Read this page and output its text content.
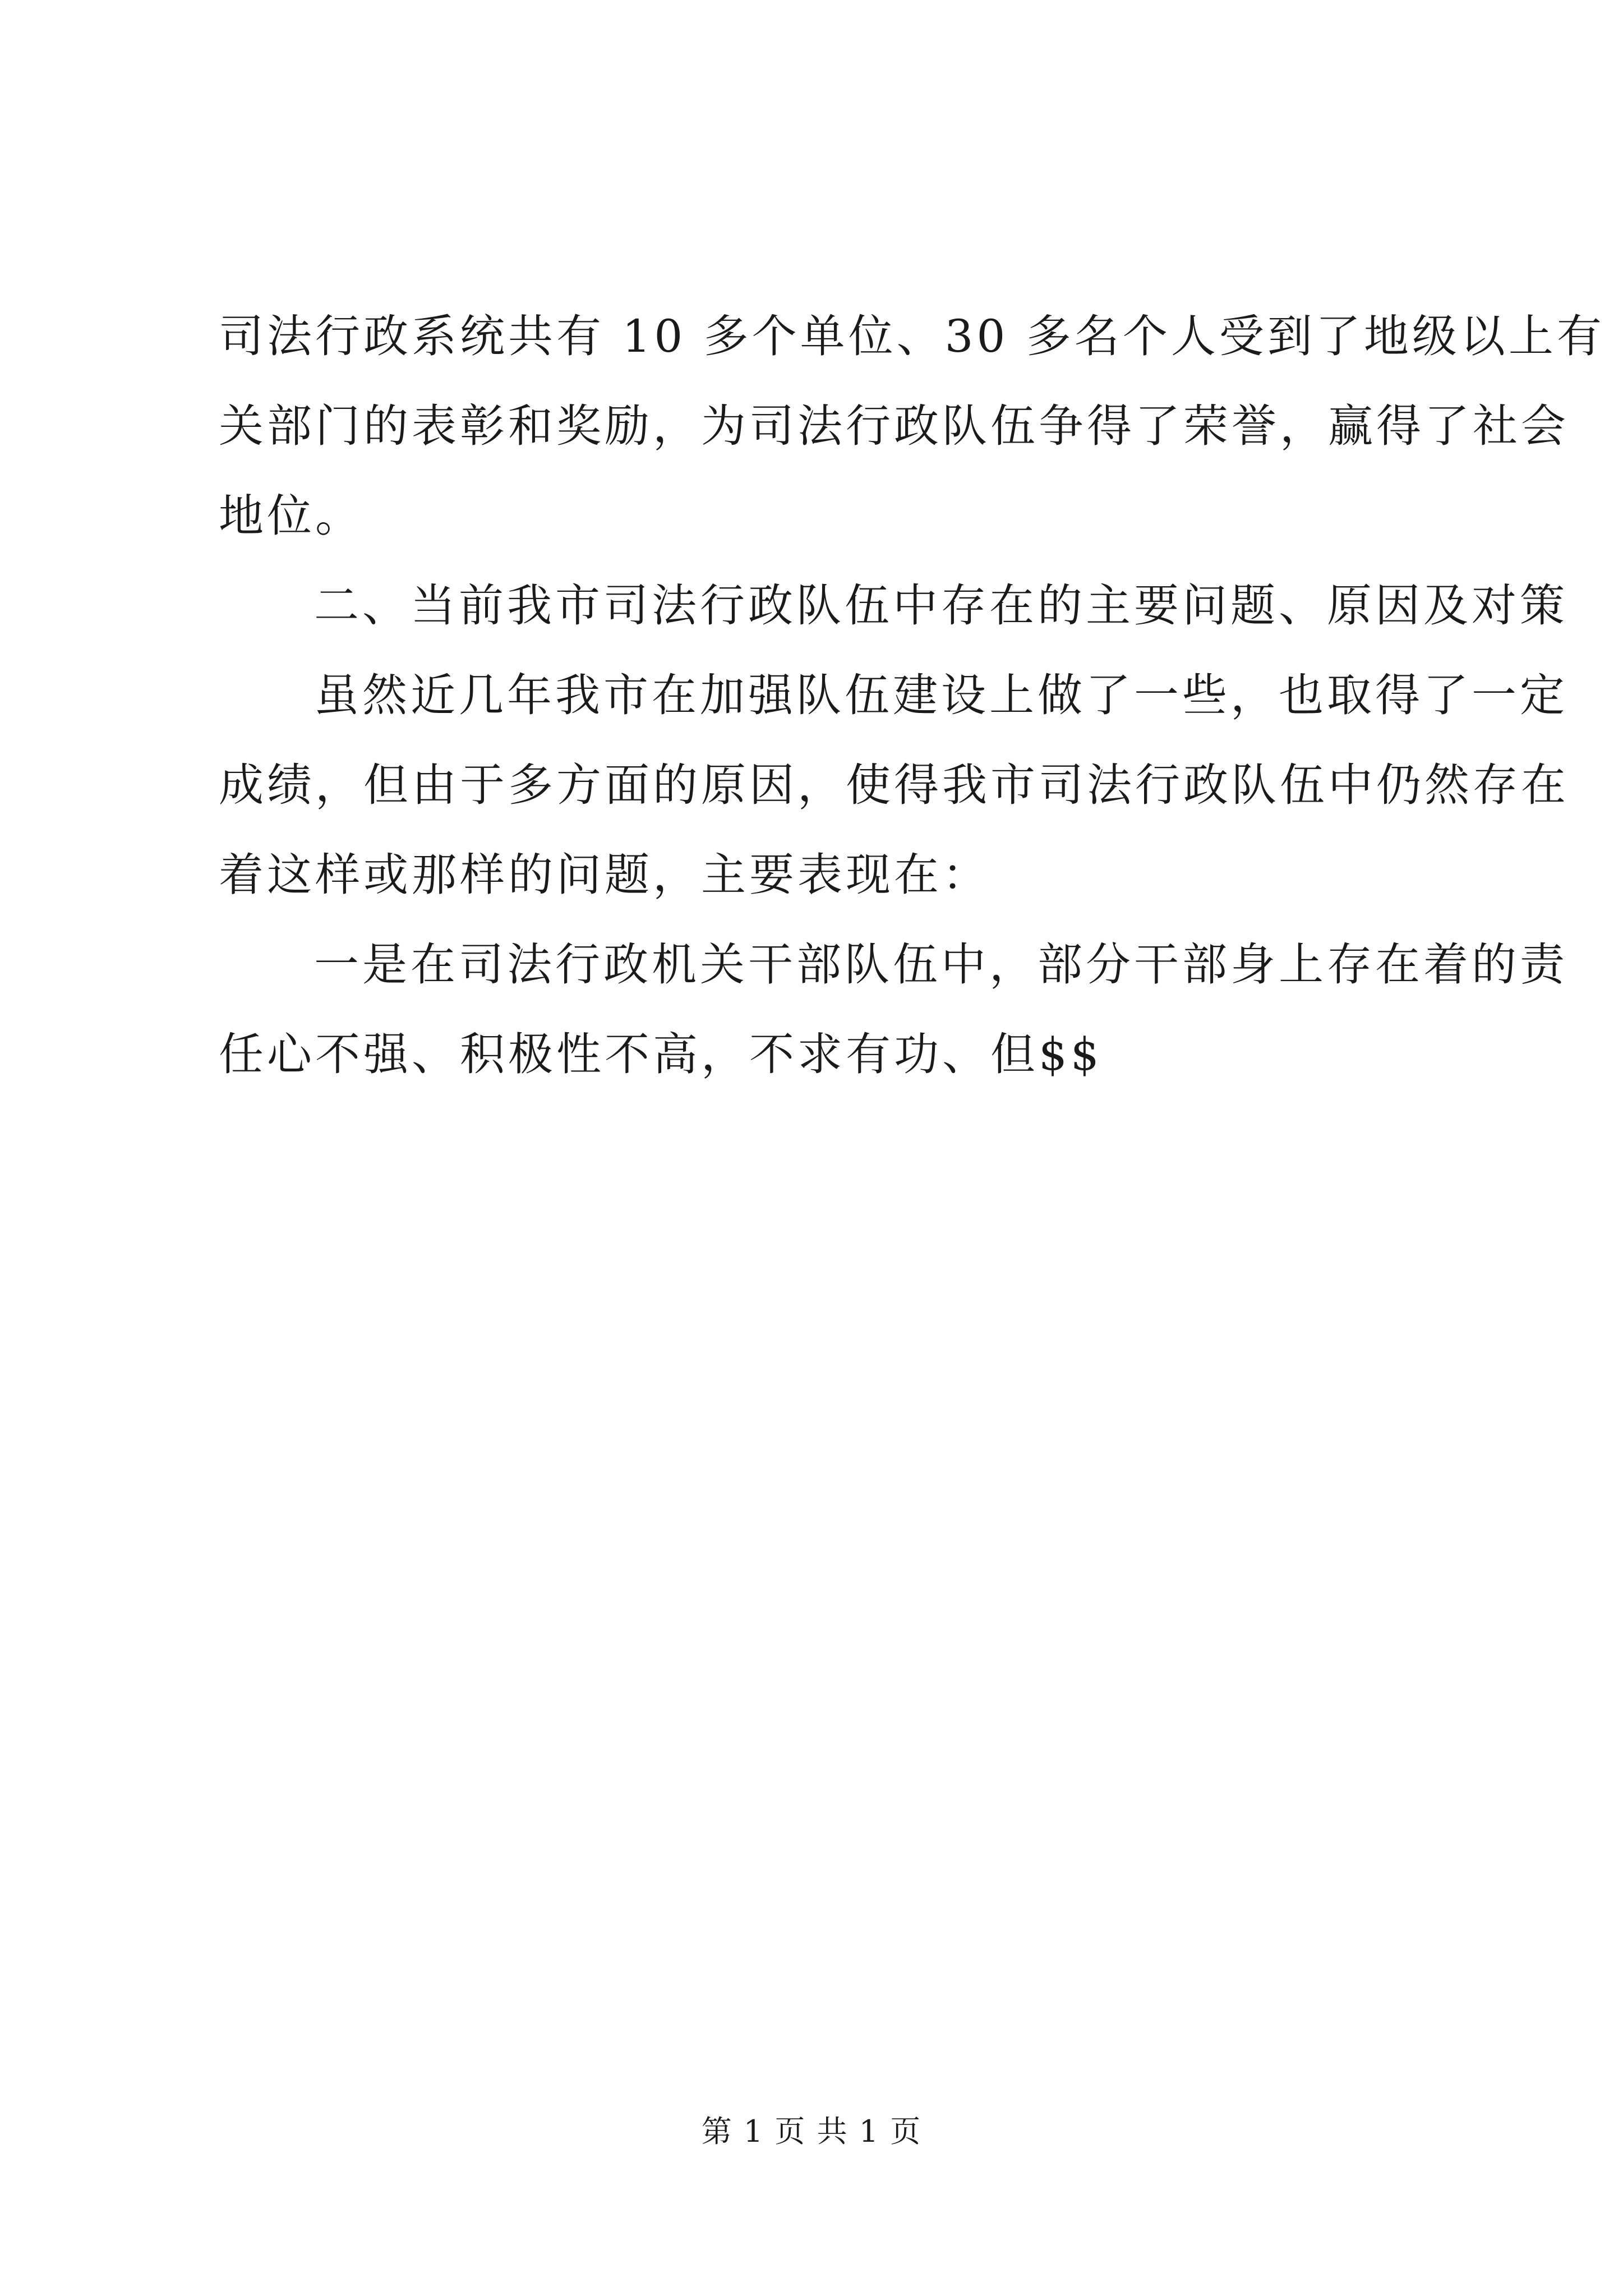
司法行政系统共有 10 多个单位、30 多名个人受到了地级以上有
关部门的表彰和奖励，为司法行政队伍争得了荣誉，赢得了社会
地位。
二、当前我市司法行政队伍中存在的主要问题、原因及对策
虽然近几年我市在加强队伍建设上做了一些，也取得了一定
成绩，但由于多方面的原因，使得我市司法行政队伍中仍然存在
着这样或那样的问题，主要表现在：
一是在司法行政机关干部队伍中，部分干部身上存在着的责
任心不强、积极性不高，不求有功、但$$
第 1 页 共 1 页
